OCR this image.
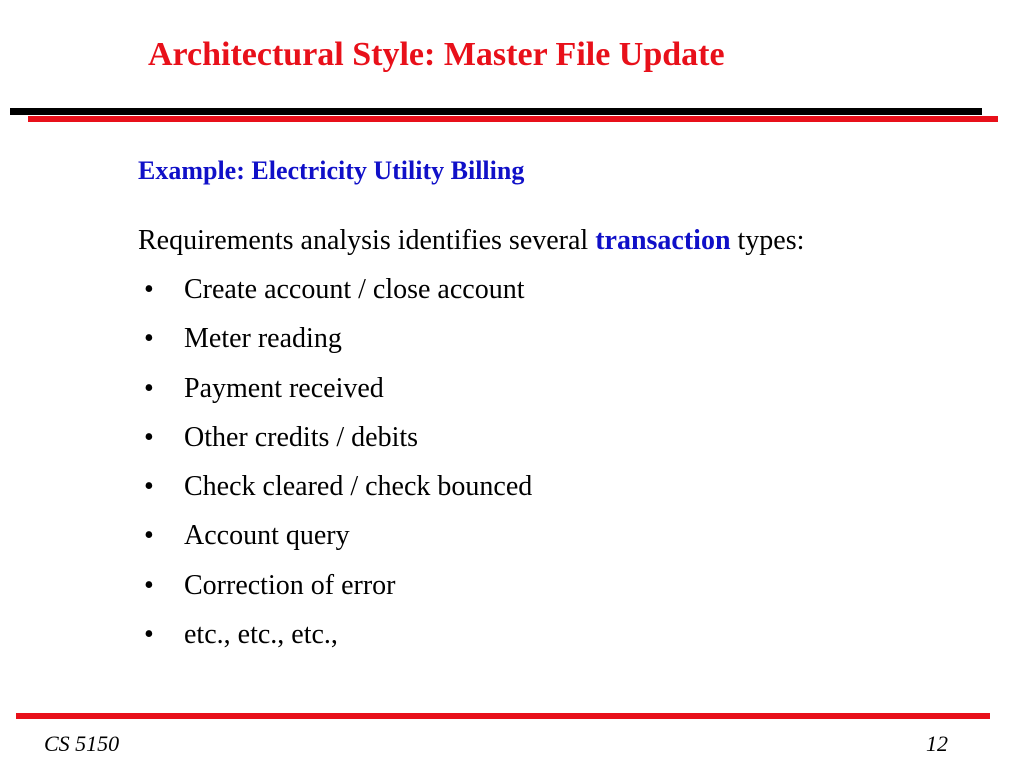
Architectural Style: Master File Update
Example: Electricity Utility Billing
Requirements analysis identifies several transaction types:
•	Create account / close account
•	Meter reading
•	Payment received
•	Other credits / debits
•	Check cleared / check bounced
•	Account query
•	Correction of error
•	etc., etc., etc.,
CS 5150	12
